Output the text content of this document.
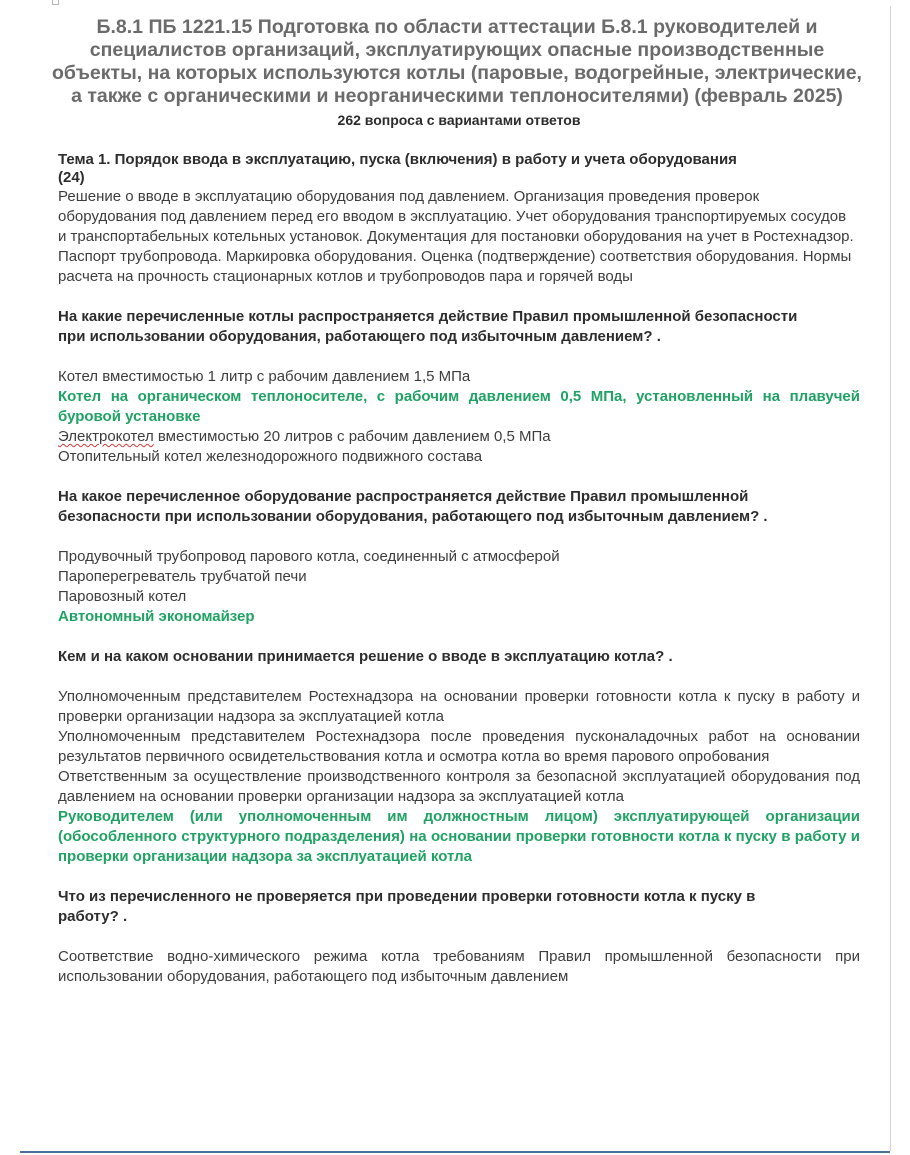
Б.8.1 ПБ 1221.15 Подготовка по области аттестации Б.8.1 руководителей и специалистов организаций, эксплуатирующих опасные производственные объекты, на которых используются котлы (паровые, водогрейные, электрические, а также с органическими и неорганическими теплоносителями) (февраль 2025)
262 вопроса с вариантами ответов
Тема 1. Порядок ввода в эксплуатацию, пуска (включения) в работу и учета оборудования (24)
Решение о вводе в эксплуатацию оборудования под давлением. Организация проведения проверок оборудования под давлением перед его вводом в эксплуатацию. Учет оборудования транспортируемых сосудов и транспортабельных котельных установок. Документация для постановки оборудования на учет в Ростехнадзор. Паспорт трубопровода. Маркировка оборудования. Оценка (подтверждение) соответствия оборудования. Нормы расчета на прочность стационарных котлов и трубопроводов пара и горячей воды
На какие перечисленные котлы распространяется действие Правил промышленной безопасности при использовании оборудования, работающего под избыточным давлением? .
Котел вместимостью 1 литр с рабочим давлением 1,5 МПа
Котел на органическом теплоносителе, с рабочим давлением 0,5 МПа, установленный на плавучей буровой установке
Электрокотел вместимостью 20 литров с рабочим давлением 0,5 МПа
Отопительный котел железнодорожного подвижного состава
На какое перечисленное оборудование распространяется действие Правил промышленной безопасности при использовании оборудования, работающего под избыточным давлением? .
Продувочный трубопровод парового котла, соединенный с атмосферой
Пароперегреватель трубчатой печи
Паровозный котел
Автономный экономайзер
Кем и на каком основании принимается решение о вводе в эксплуатацию котла? .
Уполномоченным представителем Ростехнадзора на основании проверки готовности котла к пуску в работу и проверки организации надзора за эксплуатацией котла
Уполномоченным представителем Ростехнадзора после проведения пусконаладочных работ на основании результатов первичного освидетельствования котла и осмотра котла во время парового опробования
Ответственным за осуществление производственного контроля за безопасной эксплуатацией оборудования под давлением на основании проверки организации надзора за эксплуатацией котла
Руководителем (или уполномоченным им должностным лицом) эксплуатирующей организации (обособленного структурного подразделения) на основании проверки готовности котла к пуску в работу и проверки организации надзора за эксплуатацией котла
Что из перечисленного не проверяется при проведении проверки готовности котла к пуску в работу? .
Соответствие водно-химического режима котла требованиям Правил промышленной безопасности при использовании оборудования, работающего под избыточным давлением
